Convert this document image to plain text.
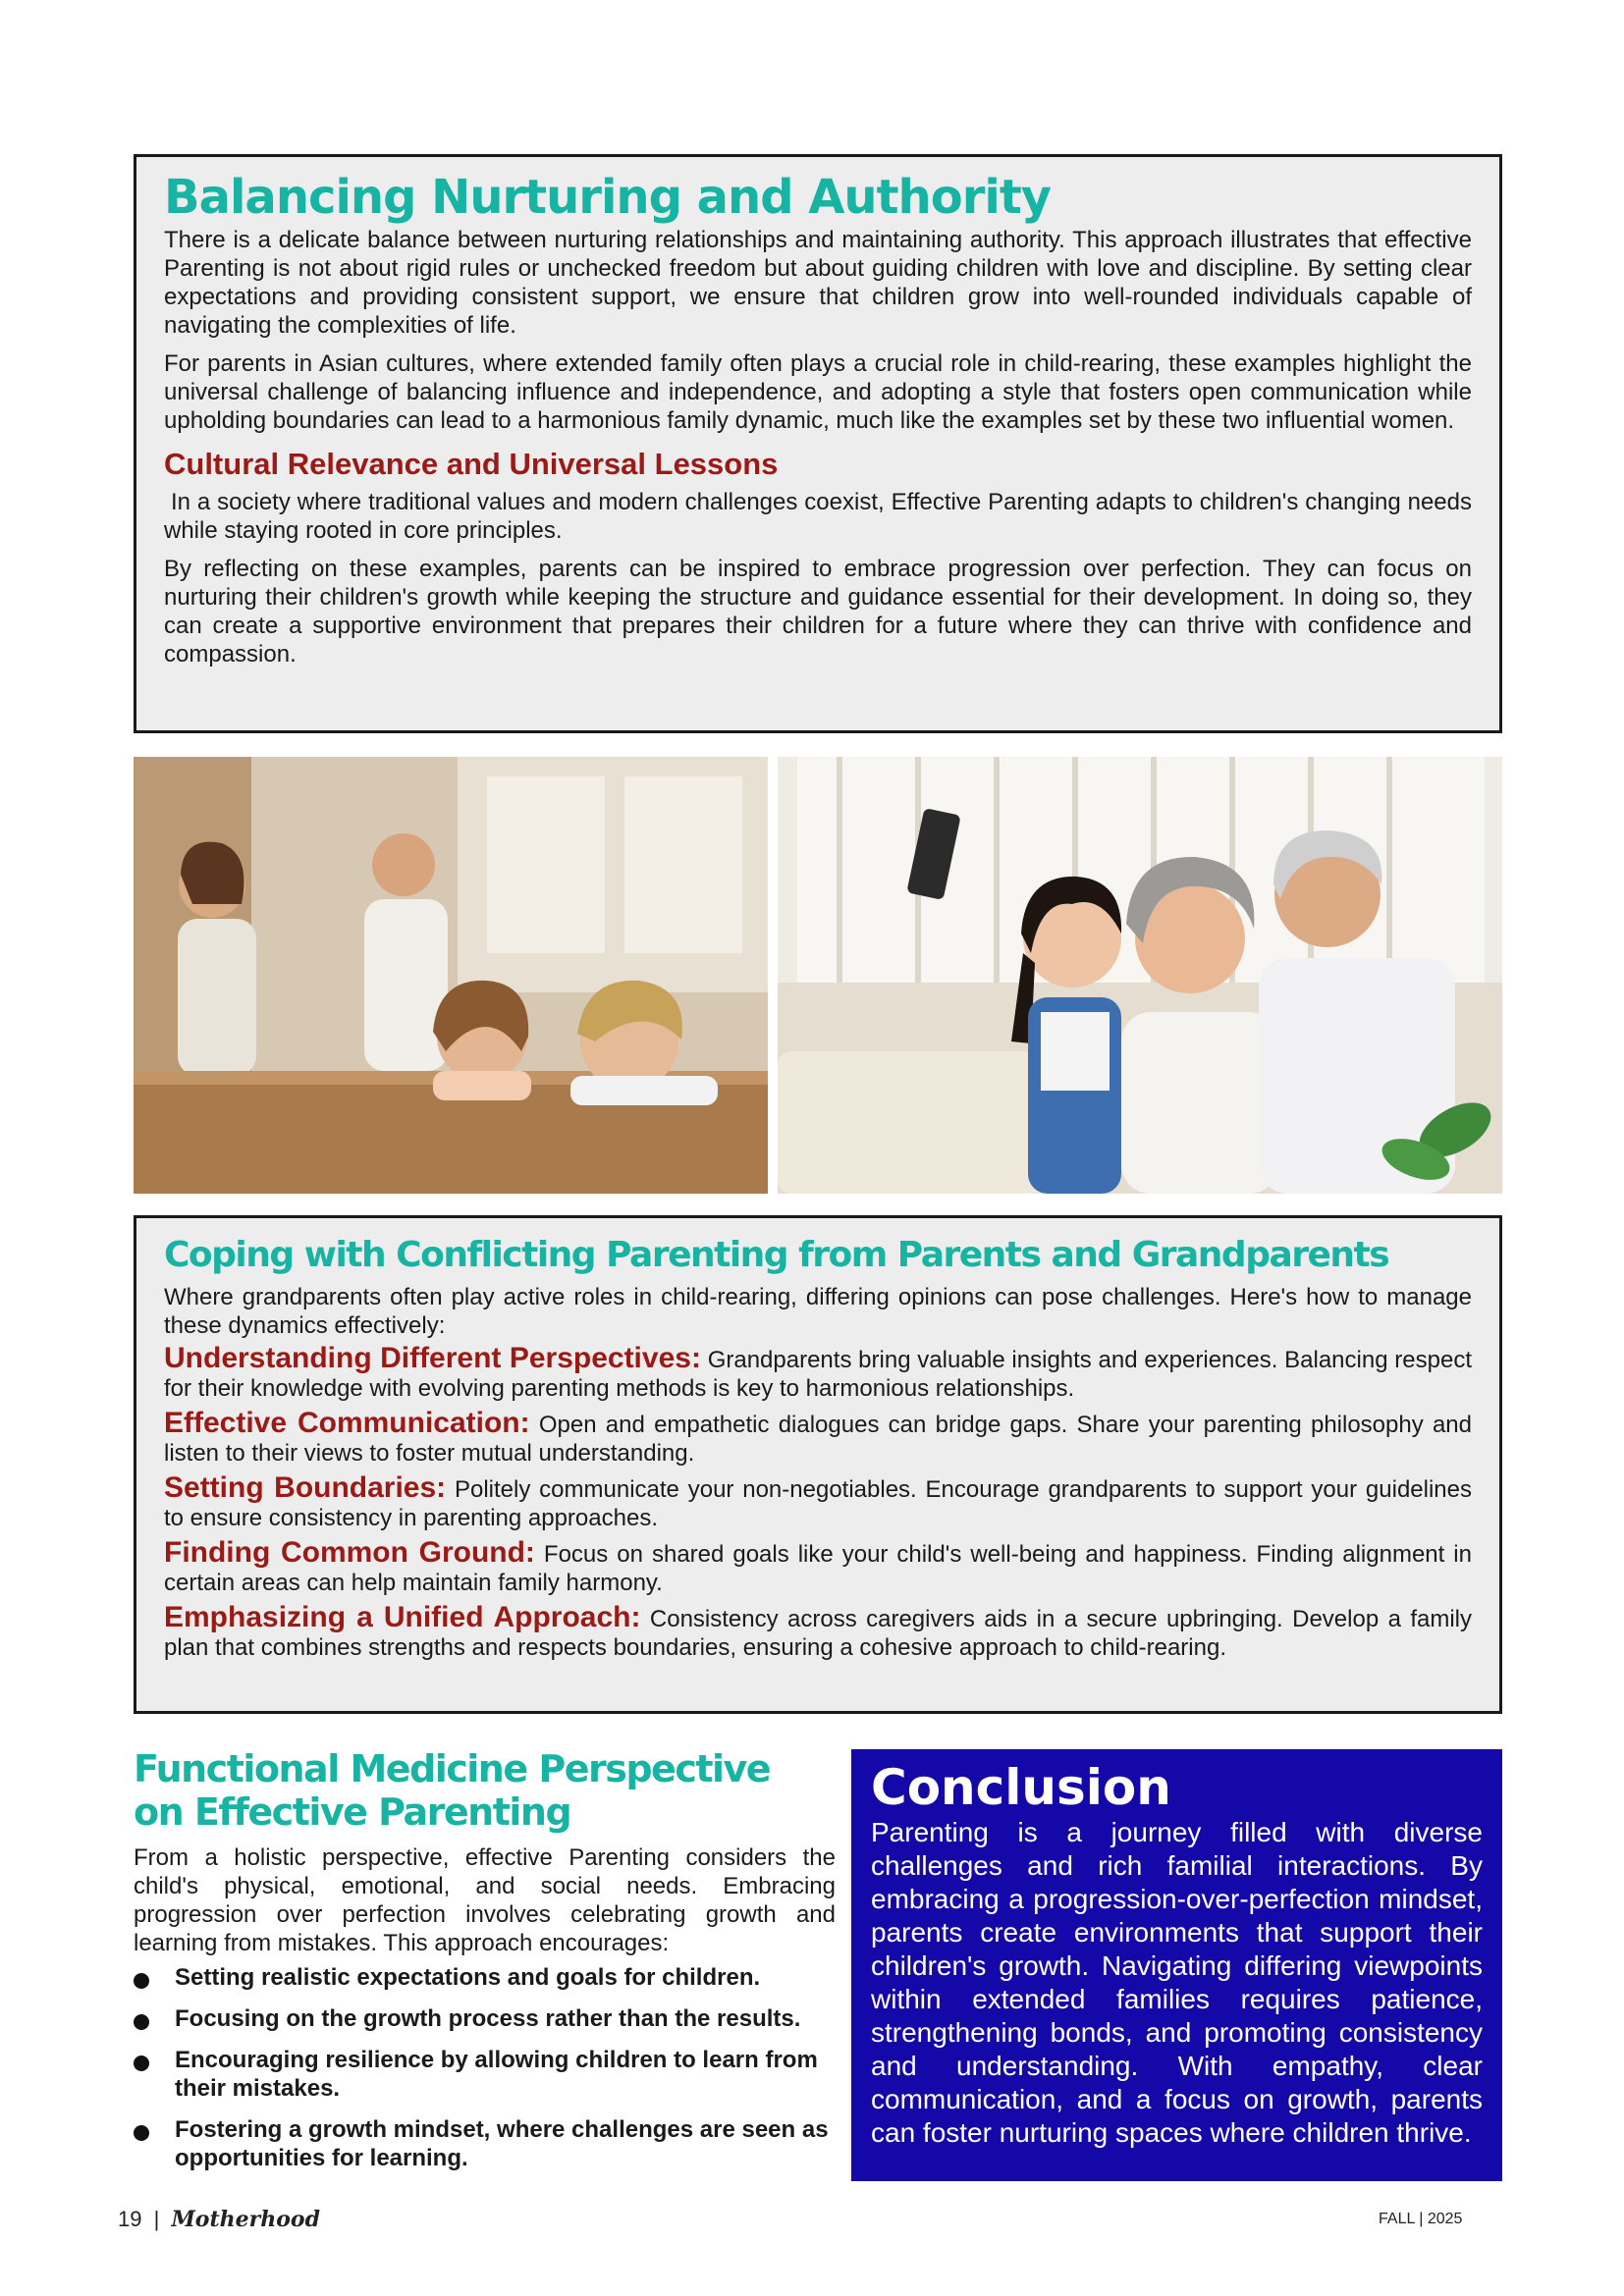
Balancing Nurturing and Authority

There is a delicate balance between nurturing relationships and maintaining authority. This approach illustrates that effective Parenting is not about rigid rules or unchecked freedom but about guiding children with love and discipline. By setting clear expectations and providing consistent support, we ensure that children grow into well-rounded individuals capable of navigating the complexities of life.

For parents in Asian cultures, where extended family often plays a crucial role in child-rearing, these examples highlight the universal challenge of balancing influence and independence, and adopting a style that fosters open communication while upholding boundaries can lead to a harmonious family dynamic, much like the examples set by these two influential women.

Cultural Relevance and Universal Lessons

In a society where traditional values and modern challenges coexist, Effective Parenting adapts to children's changing needs while staying rooted in core principles.

By reflecting on these examples, parents can be inspired to embrace progression over perfection. They can focus on nurturing their children's growth while keeping the structure and guidance essential for their development. In doing so, they can create a supportive environment that prepares their children for a future where they can thrive with confidence and compassion.

Coping with Conflicting Parenting from Parents and Grandparents

Where grandparents often play active roles in child-rearing, differing opinions can pose challenges. Here's how to manage these dynamics effectively:

Understanding Different Perspectives: Grandparents bring valuable insights and experiences. Balancing respect for their knowledge with evolving parenting methods is key to harmonious relationships.

Effective Communication: Open and empathetic dialogues can bridge gaps. Share your parenting philosophy and listen to their views to foster mutual understanding.

Setting Boundaries: Politely communicate your non-negotiables. Encourage grandparents to support your guidelines to ensure consistency in parenting approaches.

Finding Common Ground: Focus on shared goals like your child's well-being and happiness. Finding alignment in certain areas can help maintain family harmony.

Emphasizing a Unified Approach: Consistency across caregivers aids in a secure upbringing. Develop a family plan that combines strengths and respects boundaries, ensuring a cohesive approach to child-rearing.

Functional Medicine Perspective
on Effective Parenting

From a holistic perspective, effective Parenting considers the child's physical, emotional, and social needs. Embracing progression over perfection involves celebrating growth and learning from mistakes. This approach encourages:

Setting realistic expectations and goals for children.
Focusing on the growth process rather than the results.
Encouraging resilience by allowing children to learn from their mistakes.
Fostering a growth mindset, where challenges are seen as opportunities for learning.
Conclusion

Parenting is a journey filled with diverse challenges and rich familial interactions. By embracing a progression-over-perfection mindset, parents create environments that support their children's growth. Navigating differing viewpoints within extended families requires patience, strengthening bonds, and promoting consistency and understanding. With empathy, clear communication, and a focus on growth, parents can foster nurturing spaces where children thrive.

19 | Motherhood	FALL | 2025
